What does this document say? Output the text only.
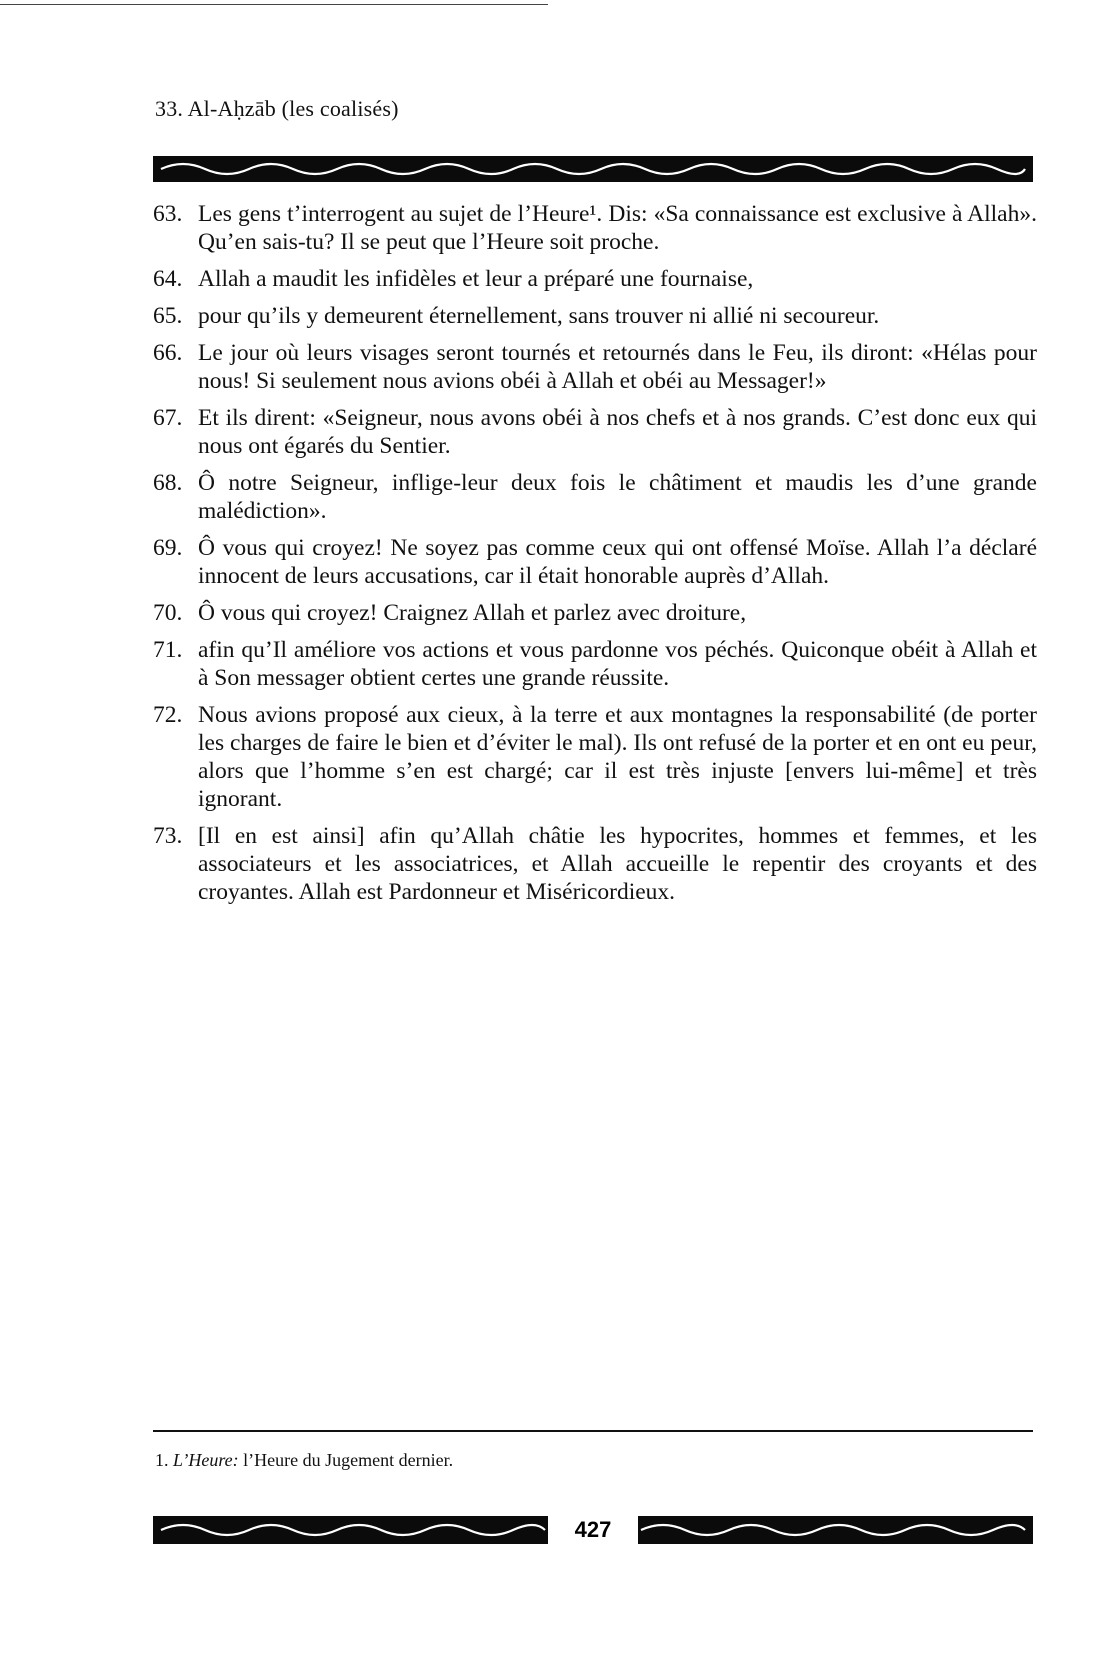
33. Al-Aḥzāb (les coalisés)
63. Les gens t’interrogent au sujet de l’Heure¹. Dis: «Sa connaissance est exclusive à Allah». Qu’en sais-tu? Il se peut que l’Heure soit proche.
64. Allah a maudit les infidèles et leur a préparé une fournaise,
65. pour qu’ils y demeurent éternellement, sans trouver ni allié ni secoureur.
66. Le jour où leurs visages seront tournés et retournés dans le Feu, ils diront: «Hélas pour nous! Si seulement nous avions obéi à Allah et obéi au Messager!»
67. Et ils dirent: «Seigneur, nous avons obéi à nos chefs et à nos grands. C’est donc eux qui nous ont égarés du Sentier.
68. Ô notre Seigneur, inflige-leur deux fois le châtiment et maudis les d’une grande malédiction».
69. Ô vous qui croyez! Ne soyez pas comme ceux qui ont offensé Moïse. Allah l’a déclaré innocent de leurs accusations, car il était honorable auprès d’Allah.
70. Ô vous qui croyez! Craignez Allah et parlez avec droiture,
71. afin qu’Il améliore vos actions et vous pardonne vos péchés. Quiconque obéit à Allah et à Son messager obtient certes une grande réussite.
72. Nous avions proposé aux cieux, à la terre et aux montagnes la responsabilité (de porter les charges de faire le bien et d’éviter le mal). Ils ont refusé de la porter et en ont eu peur, alors que l’homme s’en est chargé; car il est très injuste [envers lui-même] et très ignorant.
73. [Il en est ainsi] afin qu’Allah châtie les hypocrites, hommes et femmes, et les associateurs et les associatrices, et Allah accueille le repentir des croyants et des croyantes. Allah est Pardonneur et Miséricordieux.
1. L’Heure: l’Heure du Jugement dernier.
427
